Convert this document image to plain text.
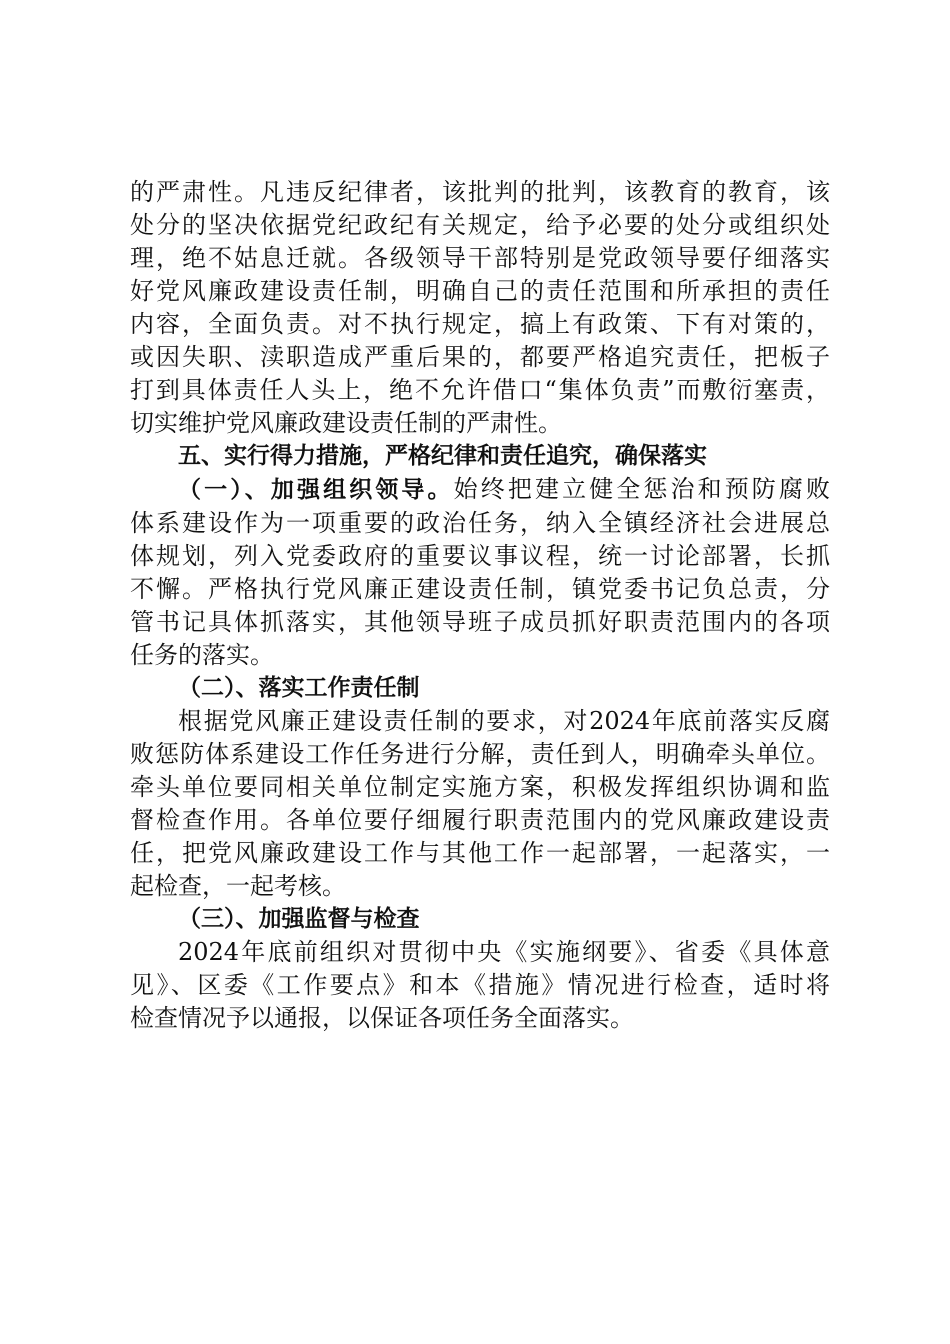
的严肃性。凡违反纪律者，该批判的批判，该教育的教育，该
处分的坚决依据党纪政纪有关规定，给予必要的处分或组织处
理，绝不姑息迁就。各级领导干部特别是党政领导要仔细落实
好党风廉政建设责任制，明确自己的责任范围和所承担的责任
内容，全面负责。对不执行规定，搞上有政策、下有对策的，
或因失职、渎职造成严重后果的，都要严格追究责任，把板子
打到具体责任人头上，绝不允许借口“集体负责”而敷衍塞责，
切实维护党风廉政建设责任制的严肃性。

五、实行得力措施，严格纪律和责任追究，确保落实

（一）、加强组织领导。始终把建立健全惩治和预防腐败
体系建设作为一项重要的政治任务，纳入全镇经济社会进展总
体规划，列入党委政府的重要议事议程，统一讨论部署，长抓
不懈。严格执行党风廉正建设责任制，镇党委书记负总责，分
管书记具体抓落实，其他领导班子成员抓好职责范围内的各项
任务的落实。

（二）、落实工作责任制

根据党风廉正建设责任制的要求，对2024年底前落实反腐
败惩防体系建设工作任务进行分解，责任到人，明确牵头单位。
牵头单位要同相关单位制定实施方案，积极发挥组织协调和监
督检查作用。各单位要仔细履行职责范围内的党风廉政建设责
任，把党风廉政建设工作与其他工作一起部署，一起落实，一
起检查，一起考核。

（三）、加强监督与检查

2024年底前组织对贯彻中央《实施纲要》、省委《具体意
见》、区委《工作要点》和本《措施》情况进行检查，适时将
检查情况予以通报，以保证各项任务全面落实。
